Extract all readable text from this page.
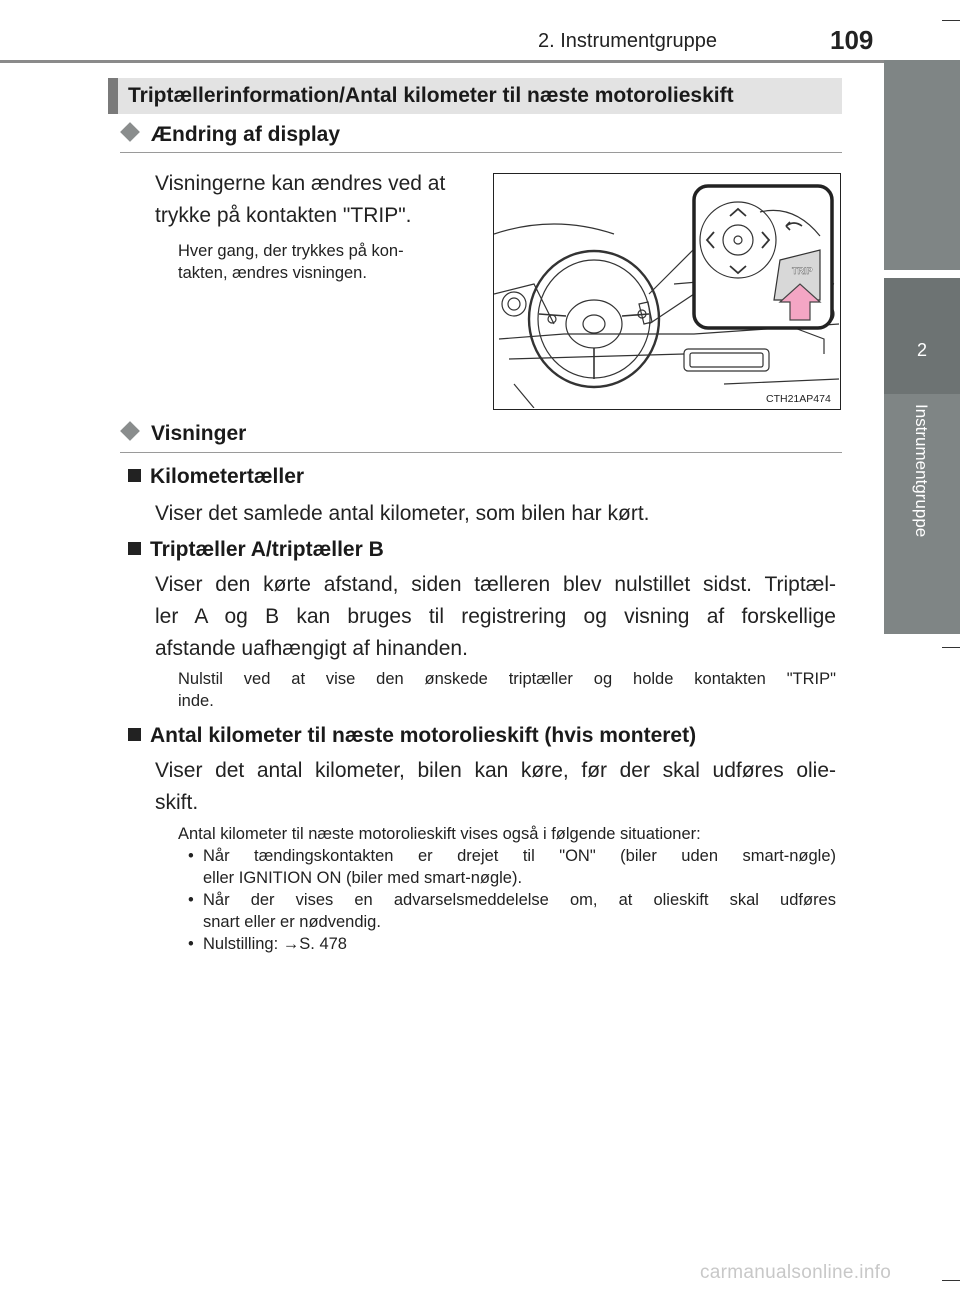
2. Instrumentgruppe	109
2
Instrumentgruppe
Triptællerinformation/Antal kilometer til næste motorolieskift
Ændring af display
Visningerne kan ændres ved at
trykke på kontakten "TRIP".
Hver gang, der trykkes på kon-
takten, ændres visningen.	TRIP
CTH21AP474
Visninger
Kilometertæller
Viser det samlede antal kilometer, som bilen har kørt.
Triptæller A/triptæller B
Viser den kørte afstand, siden tælleren blev nulstillet sidst. Triptæl-
ler A og B kan bruges til registrering og visning af forskellige
afstande uafhængigt af hinanden.
Nulstil ved at vise den ønskede triptæller og holde kontakten "TRIP"
inde.
Antal kilometer til næste motorolieskift (hvis monteret)
Viser det antal kilometer, bilen kan køre, før der skal udføres olie-
skift.
Antal kilometer til næste motorolieskift vises også i følgende situationer:
• Når tændingskontakten er drejet til "ON" (biler uden smart-nøgle)
eller IGNITION ON (biler med smart-nøgle).
• Når der vises en advarselsmeddelelse om, at olieskift skal udføres
snart eller er nødvendig.
• Nulstilling: →S. 478
carmanualsonline.info
